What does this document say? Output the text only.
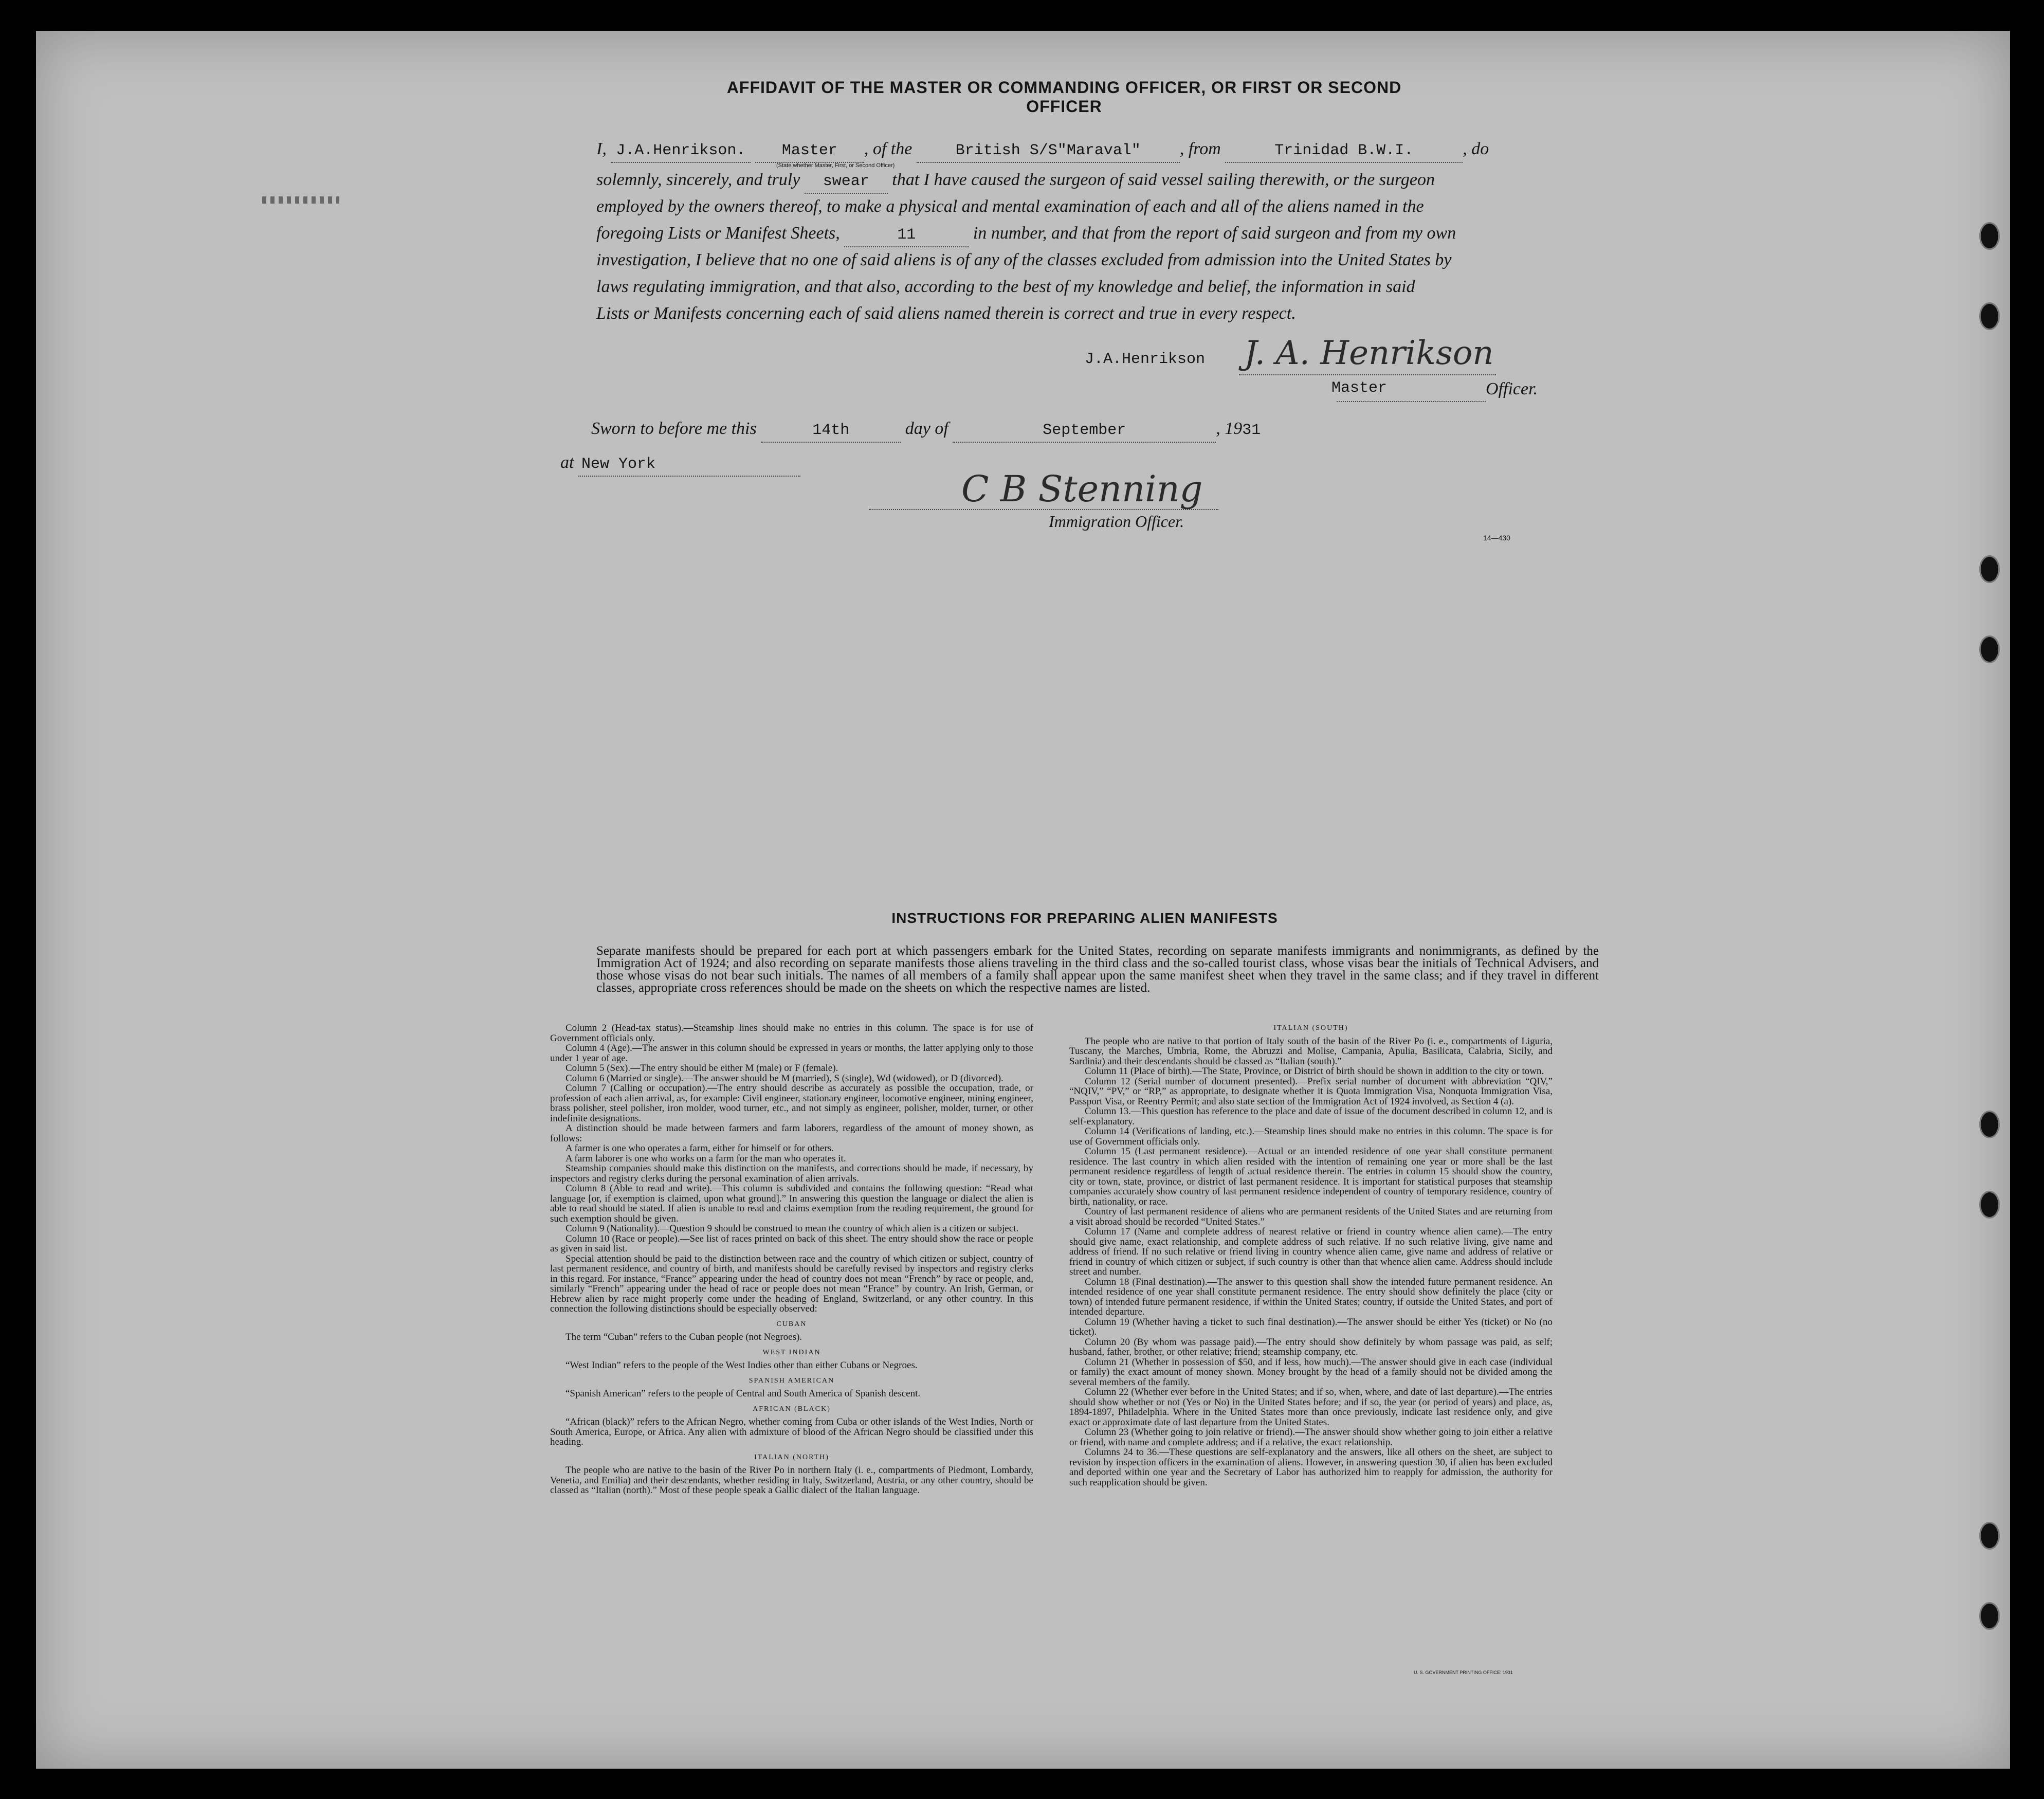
AFFIDAVIT OF THE MASTER OR COMMANDING OFFICER, OR FIRST OR SECOND OFFICER
I, J.A.Henrikson. Master , of the	British S/S"Maraval" , from	Trinidad B.W.I.	, do
(State whether Master, First, or Second Officer)
solemnly, sincerely, and truly swear that I have caused the surgeon of said vessel sailing therewith, or the surgeon
employed by the owners thereof, to make a physical and mental examination of each and all of the aliens named in the
foregoing Lists or Manifest Sheets,	11	in number, and that from the report of said surgeon and from my own
investigation, I believe that no one of said aliens is of any of the classes excluded from admission into the United States by
laws regulating immigration, and that also, according to the best of my knowledge and belief, the information in said
Lists or Manifests concerning each of said aliens named therein is correct and true in every respect.
J.A.Henrikson J. A. Henrikson
Master	Officer.
Sworn to before me this	14th	day of	September	, 1931
at New York
C B Stenning
Immigration Officer.
14—430
INSTRUCTIONS FOR PREPARING ALIEN MANIFESTS
Separate manifests should be prepared for each port at which passengers embark for the United States, recording on separate manifests immigrants and nonimmigrants, as defined by the Immigration Act of 1924; and also recording on separate manifests those aliens traveling in the third class and the so-called tourist class, whose visas bear the initials of Technical Advisers, and those whose visas do not bear such initials. The names of all members of a family shall appear upon the same manifest sheet when they travel in the same class; and if they travel in different classes, appropriate cross references should be made on the sheets on which the respective names are listed.

Column 2 (Head-tax status).—Steamship lines should make no entries in this column. The space is for use of Government officials only.

Column 4 (Age).—The answer in this column should be expressed in years or months, the latter applying only to those under 1 year of age.

Column 5 (Sex).—The entry should be either M (male) or F (female).

Column 6 (Married or single).—The answer should be M (married), S (single), Wd (widowed), or D (divorced).

Column 7 (Calling or occupation).—The entry should describe as accurately as possible the occupation, trade, or profession of each alien arrival, as, for example: Civil engineer, stationary engineer, locomotive engineer, mining engineer, brass polisher, steel polisher, iron molder, wood turner, etc., and not simply as engineer, polisher, molder, turner, or other indefinite designations.

A distinction should be made between farmers and farm laborers, regardless of the amount of money shown, as follows:

A farmer is one who operates a farm, either for himself or for others.

A farm laborer is one who works on a farm for the man who operates it.

Steamship companies should make this distinction on the manifests, and corrections should be made, if necessary, by inspectors and registry clerks during the personal examination of alien arrivals.

Column 8 (Able to read and write).—This column is subdivided and contains the following question: “Read what language [or, if exemption is claimed, upon what ground].” In answering this question the language or dialect the alien is able to read should be stated. If alien is unable to read and claims exemption from the reading requirement, the ground for such exemption should be given.

Column 9 (Nationality).—Question 9 should be construed to mean the country of which alien is a citizen or subject.

Column 10 (Race or people).—See list of races printed on back of this sheet. The entry should show the race or people as given in said list.

Special attention should be paid to the distinction between race and the country of which citizen or subject, country of last permanent residence, and country of birth, and manifests should be carefully revised by inspectors and registry clerks in this regard. For instance, “France” appearing under the head of country does not mean “French” by race or people, and, similarly “French” appearing under the head of race or people does not mean “France” by country. An Irish, German, or Hebrew alien by race might properly come under the heading of England, Switzerland, or any other country. In this connection the following distinctions should be especially observed:

CUBAN

The term “Cuban” refers to the Cuban people (not Negroes).

WEST INDIAN

“West Indian” refers to the people of the West Indies other than either Cubans or Negroes.

SPANISH AMERICAN

“Spanish American” refers to the people of Central and South America of Spanish descent.

AFRICAN (BLACK)

“African (black)” refers to the African Negro, whether coming from Cuba or other islands of the West Indies, North or South America, Europe, or Africa. Any alien with admixture of blood of the African Negro should be classified under this heading.

ITALIAN (NORTH)

The people who are native to the basin of the River Po in northern Italy (i. e., compartments of Piedmont, Lombardy, Venetia, and Emilia) and their descendants, whether residing in Italy, Switzerland, Austria, or any other country, should be classed as “Italian (north).” Most of these people speak a Gallic dialect of the Italian language.

ITALIAN (SOUTH)

The people who are native to that portion of Italy south of the basin of the River Po (i. e., compartments of Liguria, Tuscany, the Marches, Umbria, Rome, the Abruzzi and Molise, Campania, Apulia, Basilicata, Calabria, Sicily, and Sardinia) and their descendants should be classed as “Italian (south).”

Column 11 (Place of birth).—The State, Province, or District of birth should be shown in addition to the city or town.

Column 12 (Serial number of document presented).—Prefix serial number of document with abbreviation “QIV,” “NQIV,” “PV,” or “RP,” as appropriate, to designate whether it is Quota Immigration Visa, Nonquota Immigration Visa, Passport Visa, or Reentry Permit; and also state section of the Immigration Act of 1924 involved, as Section 4 (a).

Column 13.—This question has reference to the place and date of issue of the document described in column 12, and is self-explanatory.

Column 14 (Verifications of landing, etc.).—Steamship lines should make no entries in this column. The space is for use of Government officials only.

Column 15 (Last permanent residence).—Actual or an intended residence of one year shall constitute permanent residence. The last country in which alien resided with the intention of remaining one year or more shall be the last permanent residence regardless of length of actual residence therein. The entries in column 15 should show the country, city or town, state, province, or district of last permanent residence. It is important for statistical purposes that steamship companies accurately show country of last permanent residence independent of country of temporary residence, country of birth, nationality, or race.

Country of last permanent residence of aliens who are permanent residents of the United States and are returning from a visit abroad should be recorded “United States.”

Column 17 (Name and complete address of nearest relative or friend in country whence alien came).—The entry should give name, exact relationship, and complete address of such relative. If no such relative living, give name and address of friend. If no such relative or friend living in country whence alien came, give name and address of relative or friend in country of which citizen or subject, if such country is other than that whence alien came. Address should include street and number.

Column 18 (Final destination).—The answer to this question shall show the intended future permanent residence. An intended residence of one year shall constitute permanent residence. The entry should show definitely the place (city or town) of intended future permanent residence, if within the United States; country, if outside the United States, and port of intended departure.

Column 19 (Whether having a ticket to such final destination).—The answer should be either Yes (ticket) or No (no ticket).

Column 20 (By whom was passage paid).—The entry should show definitely by whom passage was paid, as self; husband, father, brother, or other relative; friend; steamship company, etc.

Column 21 (Whether in possession of $50, and if less, how much).—The answer should give in each case (individual or family) the exact amount of money shown. Money brought by the head of a family should not be divided among the several members of the family.

Column 22 (Whether ever before in the United States; and if so, when, where, and date of last departure).—The entries should show whether or not (Yes or No) in the United States before; and if so, the year (or period of years) and place, as, 1894-1897, Philadelphia. Where in the United States more than once previously, indicate last residence only, and give exact or approximate date of last departure from the United States.

Column 23 (Whether going to join relative or friend).—The answer should show whether going to join either a relative or friend, with name and complete address; and if a relative, the exact relationship.

Columns 24 to 36.—These questions are self-explanatory and the answers, like all others on the sheet, are subject to revision by inspection officers in the examination of aliens. However, in answering question 30, if alien has been excluded and deported within one year and the Secretary of Labor has authorized him to reapply for admission, the authority for such reapplication should be given.

U. S. GOVERNMENT PRINTING OFFICE: 1931
